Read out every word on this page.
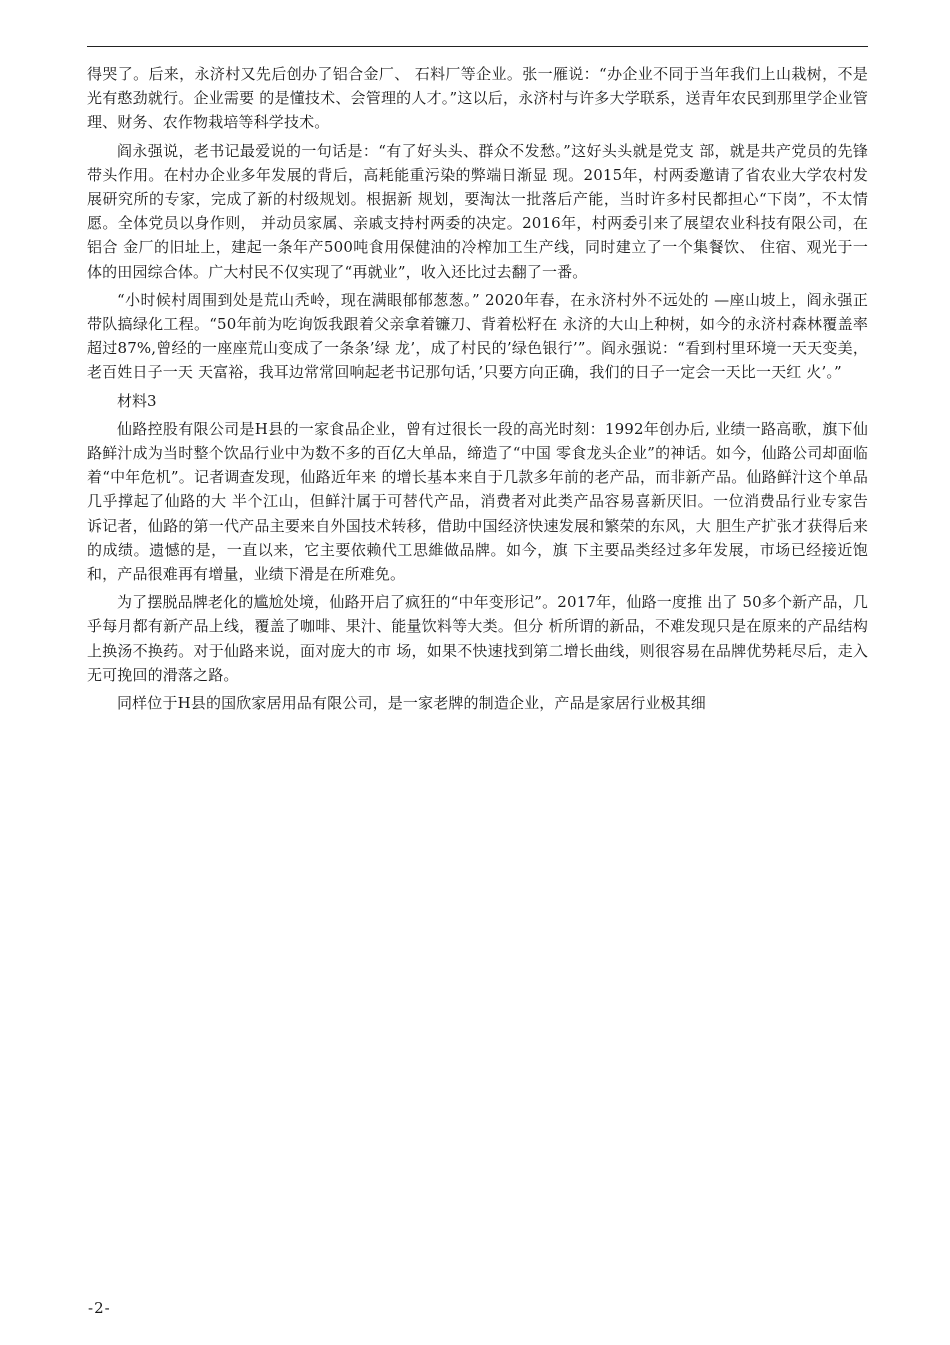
得哭了。后来，永济村又先后创办了铝合金厂、 石料厂等企业。张一雁说：“办企业不同于当年我们上山栽树，不是光有憨劲就行。企业需要 的是懂技术、会管理的人才。”这以后，永济村与许多大学联系，送青年农民到那里学企业管 理、财务、农作物栽培等科学技术。

阎永强说，老书记最爱说的一句话是：“有了好头头、群众不发愁。”这好头头就是党支 部，就是共产党员的先锋带头作用。在村办企业多年发展的背后，高耗能重污染的弊端日渐显 现。2015年，村两委邀请了省农业大学农村发展研究所的专家，完成了新的村级规划。根据新 规划，要淘汰一批落后产能，当时许多村民都担心“下岗”，不太情愿。全体党员以身作则， 并动员家属、亲戚支持村两委的决定。2016年，村两委引来了展望农业科技有限公司，在铝合 金厂的旧址上，建起一条年产500吨食用保健油的冷榨加工生产线，同时建立了一个集餐饮、 住宿、观光于一体的田园综合体。广大村民不仅实现了“再就业”，收入还比过去翻了一番。

“小时候村周围到处是荒山秃岭，现在满眼郁郁葱葱。” 2020年春，在永济村外不远处的 —座山坡上，阎永强正带队搞绿化工程。“50年前为吃询饭我跟着父亲拿着镰刀、背着松籽在 永济的大山上种树，如今的永济村森林覆盖率超过87%,曾经的一座座荒山变成了一条条’绿 龙’，成了村民的’绿色银行’”。阎永强说：“看到村里环境一天天变美，老百姓日子一天 天富裕，我耳边常常回响起老书记那句话，’只要方向正确，我们的日子一定会一天比一天红 火’。”

材料3

仙路控股有限公司是H县的一家食品企业，曾有过很长一段的高光时刻：1992年创办后, 业绩一路高歌，旗下仙路鲜汁成为当时整个饮品行业中为数不多的百亿大单品，缔造了“中国 零食龙头企业”的神话。如今，仙路公司却面临着“中年危机”。记者调查发现，仙路近年来 的增长基本来自于几款多年前的老产品，而非新产品。仙路鲜汁这个单品几乎撑起了仙路的大 半个江山，但鲜汁属于可替代产品，消费者对此类产品容易喜新厌旧。一位消费品行业专家告 诉记者，仙路的第一代产品主要来自外国技术转移，借助中国经济快速发展和繁荣的东风，大 胆生产扩张才获得后来的成绩。遗憾的是，一直以来，它主要依赖代工思維做品牌。如今，旗 下主要品类经过多年发展，市场已经接近饱和，产品很难再有增量，业绩下滑是在所难免。

为了摆脱品牌老化的尴尬处境，仙路开启了疯狂的“中年变形记”。2017年，仙路一度推 出了 50多个新产品，几乎每月都有新产品上线，覆盖了咖啡、果汁、能量饮料等大类。但分 析所谓的新品，不难发现只是在原来的产品结构上换汤不换药。对于仙路来说，面对庞大的市 场，如果不快速找到第二增长曲线，则很容易在品牌优势耗尽后，走入无可挽回的滑落之路。

同样位于H县的国欣家居用品有限公司，是一家老牌的制造企业，产品是家居行业极其细

-2-
